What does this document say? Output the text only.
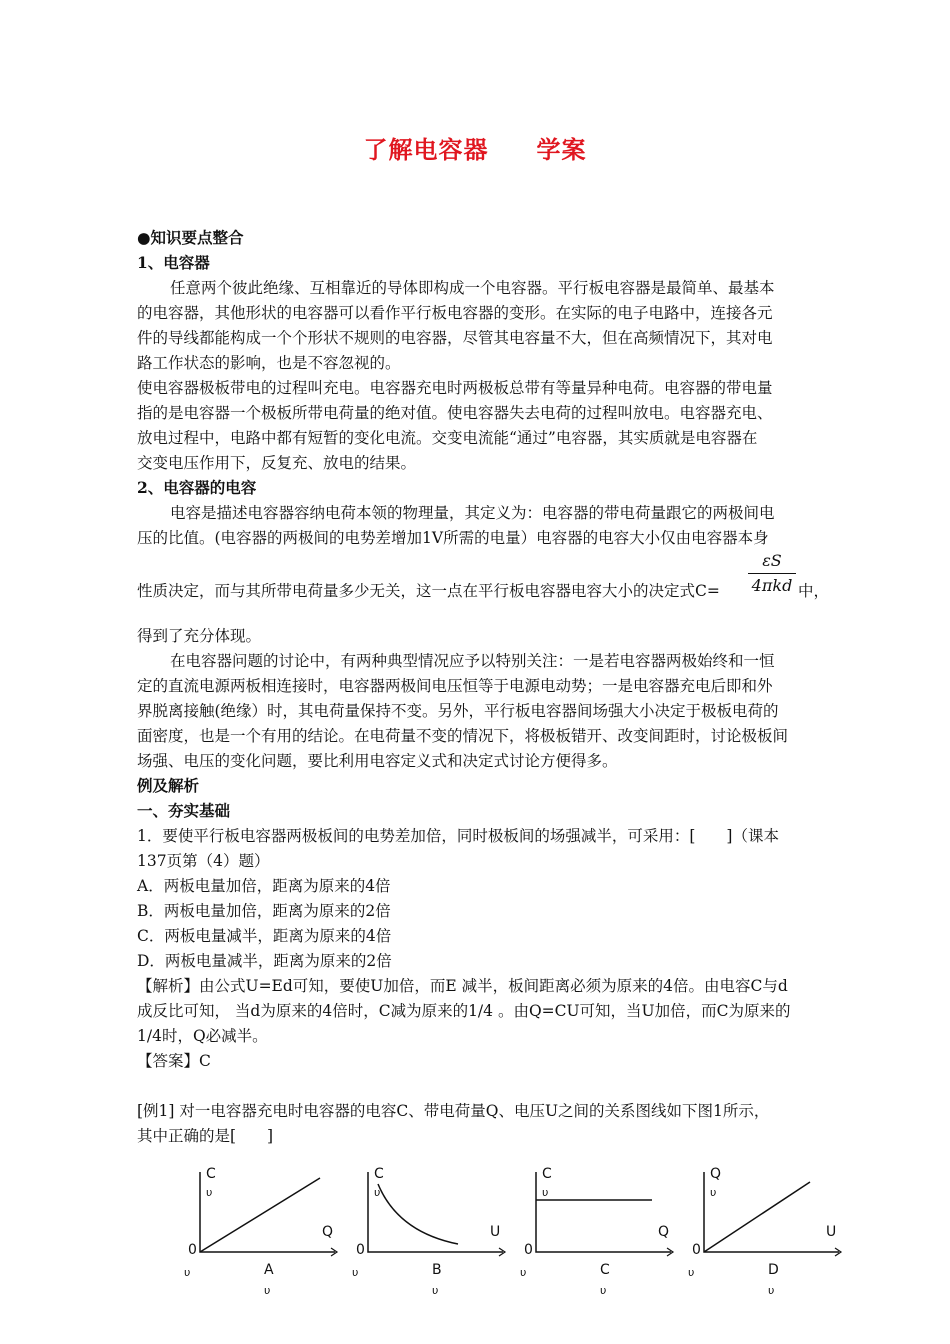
了解电容器 学案
●知识要点整合
1、电容器
任意两个彼此绝缘、互相靠近的导体即构成一个电容器。平行板电容器是最简单、最基本
的电容器，其他形状的电容器可以看作平行板电容器的变形。在实际的电子电路中，连接各元
件的导线都能构成一个个形状不规则的电容器，尽管其电容量不大，但在高频情况下，其对电
路工作状态的影响，也是不容忽视的。
使电容器极板带电的过程叫充电。电容器充电时两极板总带有等量异种电荷。电容器的带电量
指的是电容器一个极板所带电荷量的绝对值。使电容器失去电荷的过程叫放电。电容器充电、
放电过程中，电路中都有短暂的变化电流。交变电流能“通过”电容器，其实质就是电容器在
交变电压作用下，反复充、放电的结果。
2、电容器的电容
电容是描述电容器容纳电荷本领的物理量，其定义为：电容器的带电荷量跟它的两极间电
压的比值。(电容器的两极间的电势差增加1V所需的电量）电容器的电容大小仅由电容器本身
性质决定，而与其所带电荷量多少无关，这一点在平行板电容器电容大小的决定式C=
εS
4πkd 中，
得到了充分体现。
在电容器问题的讨论中，有两种典型情况应予以特别关注：一是若电容器两极始终和一恒
定的直流电源两板相连接时，电容器两极间电压恒等于电源电动势；一是电容器充电后即和外
界脱离接触(绝缘）时，其电荷量保持不变。另外，平行板电容器间场强大小决定于极板电荷的
面密度，也是一个有用的结论。在电荷量不变的情况下，将极板错开、改变间距时，讨论极板间
场强、电压的变化问题，要比利用电容定义式和决定式讨论方便得多。
例及解析
一、夯实基础
1．要使平行板电容器两极板间的电势差加倍，同时极板间的场强减半，可采用：[　　]（课本
137页第（4）题）
A．两板电量加倍，距离为原来的4倍
B．两板电量加倍，距离为原来的2倍
C．两板电量减半，距离为原来的4倍
D．两板电量减半，距离为原来的2倍
【解析】由公式U=Ed可知，要使U加倍，而E 减半，板间距离必须为原来的4倍。由电容C与d
成反比可知， 当d为原来的4倍时，C减为原来的1/4 。由Q=CU可知，当U加倍，而C为原来的
1/4时，Q必减半。
【答案】C
[例1] 对一电容器充电时电容器的电容C、带电荷量Q、电压U之间的关系图线如下图1所示，
其中正确的是[　　]
C
υ
Q
0
υ	A
υ
C
υ
U
0
υ	B
υ
C
υ
Q
0
υ	C
υ
Q
υ
U
0
υ	D
υ
